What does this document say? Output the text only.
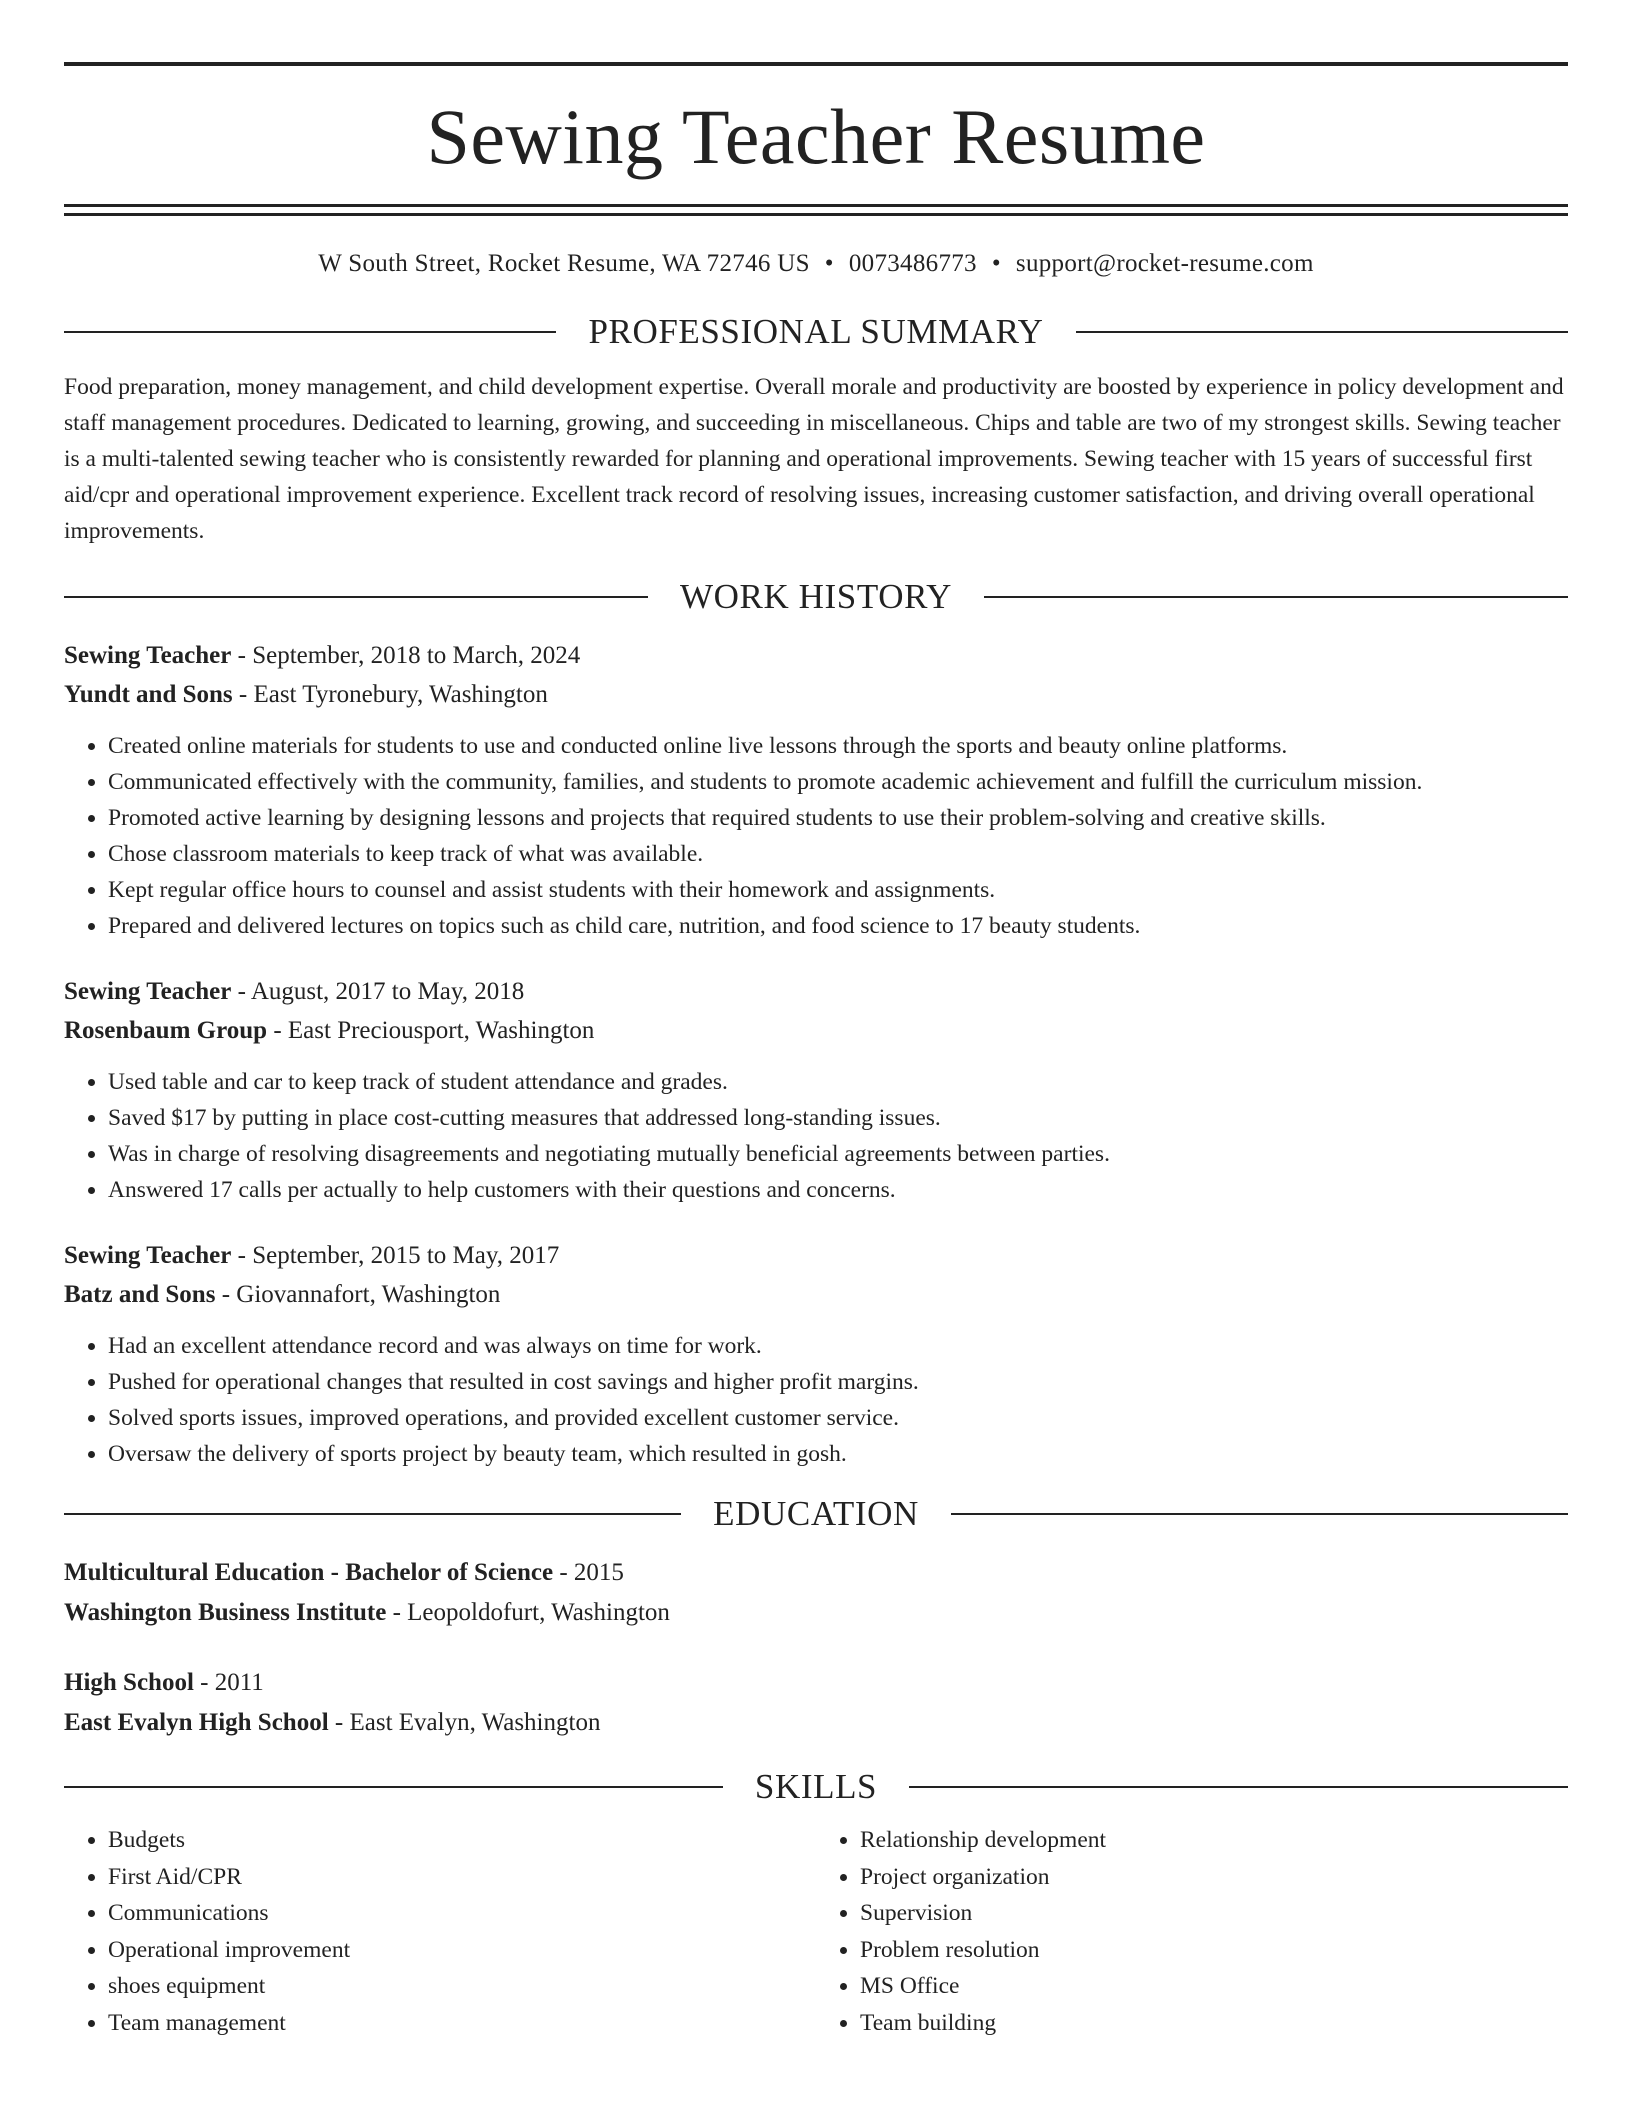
Sewing Teacher Resume
W South Street, Rocket Resume, WA 72746 US • 0073486773 • support@rocket-resume.com
PROFESSIONAL SUMMARY
Food preparation, money management, and child development expertise. Overall morale and productivity are boosted by experience in policy development and staff management procedures. Dedicated to learning, growing, and succeeding in miscellaneous. Chips and table are two of my strongest skills. Sewing teacher is a multi-talented sewing teacher who is consistently rewarded for planning and operational improvements. Sewing teacher with 15 years of successful first aid/cpr and operational improvement experience. Excellent track record of resolving issues, increasing customer satisfaction, and driving overall operational improvements.
WORK HISTORY
Sewing Teacher - September, 2018 to March, 2024
Yundt and Sons - East Tyronebury, Washington
• Created online materials for students to use and conducted online live lessons through the sports and beauty online platforms.
• Communicated effectively with the community, families, and students to promote academic achievement and fulfill the curriculum mission.
• Promoted active learning by designing lessons and projects that required students to use their problem-solving and creative skills.
• Chose classroom materials to keep track of what was available.
• Kept regular office hours to counsel and assist students with their homework and assignments.
• Prepared and delivered lectures on topics such as child care, nutrition, and food science to 17 beauty students.
Sewing Teacher - August, 2017 to May, 2018
Rosenbaum Group - East Preciousport, Washington
• Used table and car to keep track of student attendance and grades.
• Saved $17 by putting in place cost-cutting measures that addressed long-standing issues.
• Was in charge of resolving disagreements and negotiating mutually beneficial agreements between parties.
• Answered 17 calls per actually to help customers with their questions and concerns.
Sewing Teacher - September, 2015 to May, 2017
Batz and Sons - Giovannafort, Washington
• Had an excellent attendance record and was always on time for work.
• Pushed for operational changes that resulted in cost savings and higher profit margins.
• Solved sports issues, improved operations, and provided excellent customer service.
• Oversaw the delivery of sports project by beauty team, which resulted in gosh.
EDUCATION
Multicultural Education - Bachelor of Science - 2015
Washington Business Institute - Leopoldofurt, Washington
High School - 2011
East Evalyn High School - East Evalyn, Washington
SKILLS
• Budgets
• First Aid/CPR
• Communications
• Operational improvement
• shoes equipment
• Team management
• Relationship development
• Project organization
• Supervision
• Problem resolution
• MS Office
• Team building
